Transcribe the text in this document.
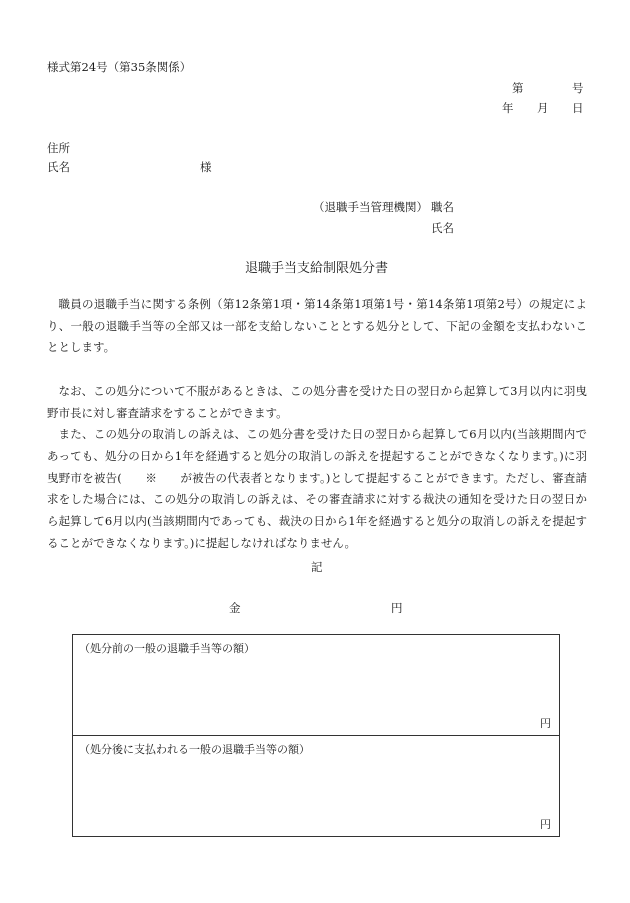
様式第24号（第35条関係）
第	号
年 月 日
住所
氏名	様
（退職手当管理機関） 職名
氏名
退職手当支給制限処分書

職員の退職手当に関する条例（第12条第1項・第14条第1項第1号・第14条第1項第2号）の規定により、一般の退職手当等の全部又は一部を支給しないこととする処分として、下記の金額を支払わないこととします。

なお、この処分について不服があるときは、この処分書を受けた日の翌日から起算して3月以内に羽曳野市長に対し審査請求をすることができます。

また、この処分の取消しの訴えは、この処分書を受けた日の翌日から起算して6月以内(当該期間内であっても、処分の日から1年を経過すると処分の取消しの訴えを提起することができなくなります。)に羽曳野市を被告(　　※　　が被告の代表者となります。)として提起することができます。ただし、審査請求をした場合には、この処分の取消しの訴えは、その審査請求に対する裁決の通知を受けた日の翌日から起算して6月以内(当該期間内であっても、裁決の日から1年を経過すると処分の取消しの訴えを提起することができなくなります。)に提起しなければなりません。

記
金	円
（処分前の一般の退職手当等の額）
円
（処分後に支払われる一般の退職手当等の額）
円
